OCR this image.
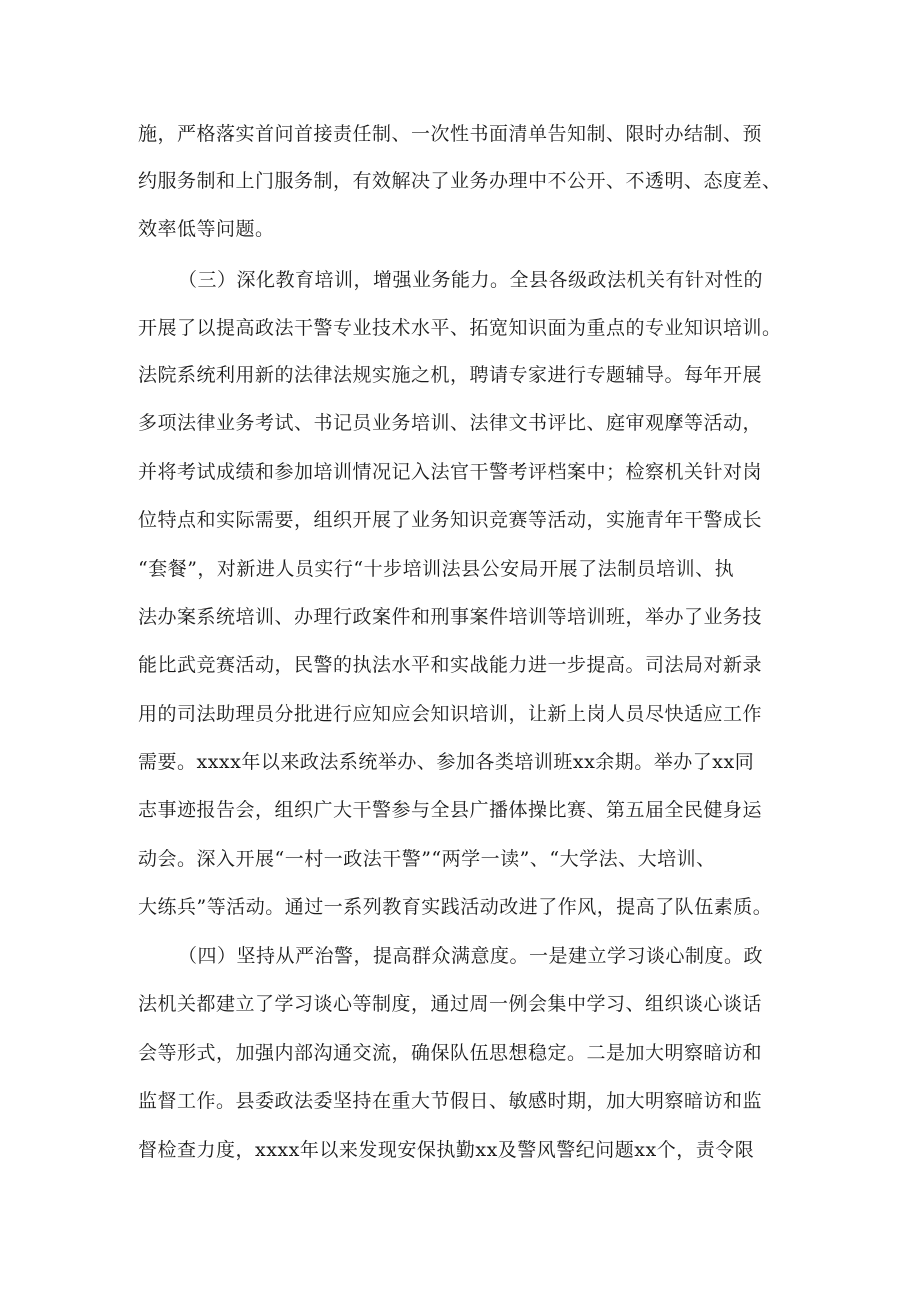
施，严格落实首问首接责任制、一次性书面清单告知制、限时办结制、预
约服务制和上门服务制，有效解决了业务办理中不公开、不透明、态度差、
效率低等问题。
（三）深化教育培训，增强业务能力。全县各级政法机关有针对性的
开展了以提高政法干警专业技术水平、拓宽知识面为重点的专业知识培训。
法院系统利用新的法律法规实施之机，聘请专家进行专题辅导。每年开展
多项法律业务考试、书记员业务培训、法律文书评比、庭审观摩等活动，
并将考试成绩和参加培训情况记入法官干警考评档案中；检察机关针对岗
位特点和实际需要，组织开展了业务知识竞赛等活动，实施青年干警成长
“套餐”，对新进人员实行“十步培训法县公安局开展了法制员培训、执
法办案系统培训、办理行政案件和刑事案件培训等培训班，举办了业务技
能比武竞赛活动，民警的执法水平和实战能力进一步提高。司法局对新录
用的司法助理员分批进行应知应会知识培训，让新上岗人员尽快适应工作
需要。xxxx年以来政法系统举办、参加各类培训班xx余期。举办了xx同
志事迹报告会，组织广大干警参与全县广播体操比赛、第五届全民健身运
动会。深入开展“一村一政法干警”“两学一读”、“大学法、大培训、
大练兵”等活动。通过一系列教育实践活动改进了作风，提高了队伍素质。
（四）坚持从严治警，提高群众满意度。一是建立学习谈心制度。政
法机关都建立了学习谈心等制度，通过周一例会集中学习、组织谈心谈话
会等形式，加强内部沟通交流，确保队伍思想稳定。二是加大明察暗访和
监督工作。县委政法委坚持在重大节假日、敏感时期，加大明察暗访和监
督检查力度，xxxx年以来发现安保执勤xx及警风警纪问题xx个，责令限
